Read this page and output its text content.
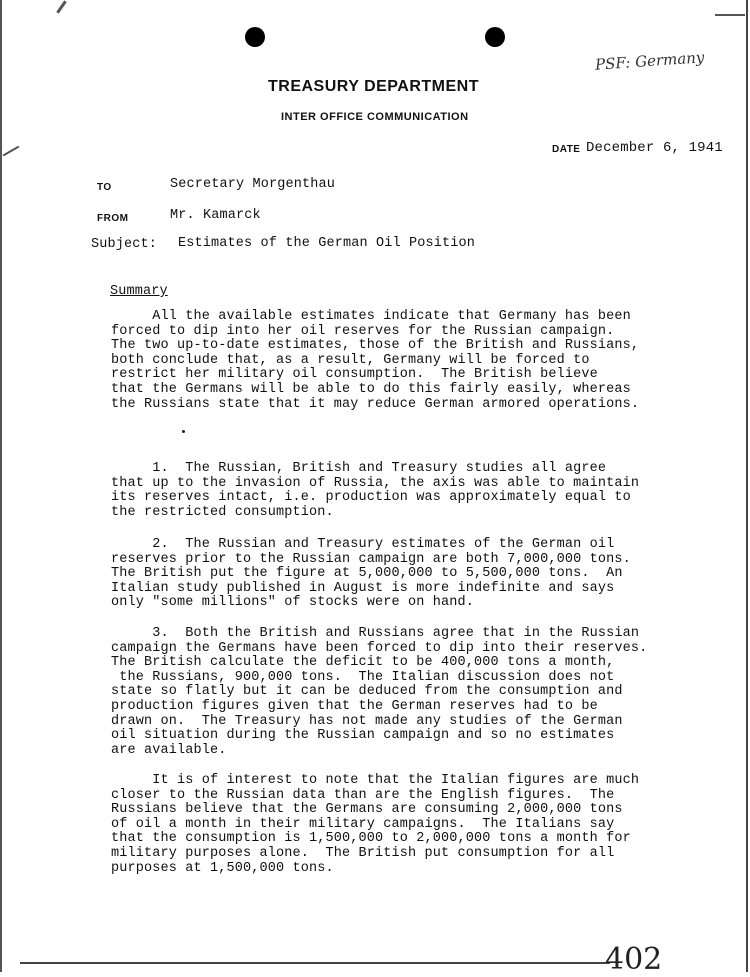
TREASURY DEPARTMENT
INTER OFFICE COMMUNICATION
PSF: Germany
DATE December 6, 1941
TO	Secretary Morgenthau
FROM	Mr. Kamarck
Subject: Estimates of the German Oil Position
Summary
All the available estimates indicate that Germany has been
forced to dip into her oil reserves for the Russian campaign.
The two up-to-date estimates, those of the British and Russians,
both conclude that, as a result, Germany will be forced to
restrict her military oil consumption.  The British believe
that the Germans will be able to do this fairly easily, whereas
the Russians state that it may reduce German armored operations.
1.  The Russian, British and Treasury studies all agree
that up to the invasion of Russia, the axis was able to maintain
its reserves intact, i.e. production was approximately equal to
the restricted consumption.
2.  The Russian and Treasury estimates of the German oil
reserves prior to the Russian campaign are both 7,000,000 tons.
The British put the figure at 5,000,000 to 5,500,000 tons.  An
Italian study published in August is more indefinite and says
only "some millions" of stocks were on hand.
3.  Both the British and Russians agree that in the Russian
campaign the Germans have been forced to dip into their reserves.
The British calculate the deficit to be 400,000 tons a month,
the Russians, 900,000 tons.  The Italian discussion does not
state so flatly but it can be deduced from the consumption and
production figures given that the German reserves had to be
drawn on.  The Treasury has not made any studies of the German
oil situation during the Russian campaign and so no estimates
are available.
It is of interest to note that the Italian figures are much
closer to the Russian data than are the English figures.  The
Russians believe that the Germans are consuming 2,000,000 tons
of oil a month in their military campaigns.  The Italians say
that the consumption is 1,500,000 to 2,000,000 tons a month for
military purposes alone.  The British put consumption for all
purposes at 1,500,000 tons.
402
